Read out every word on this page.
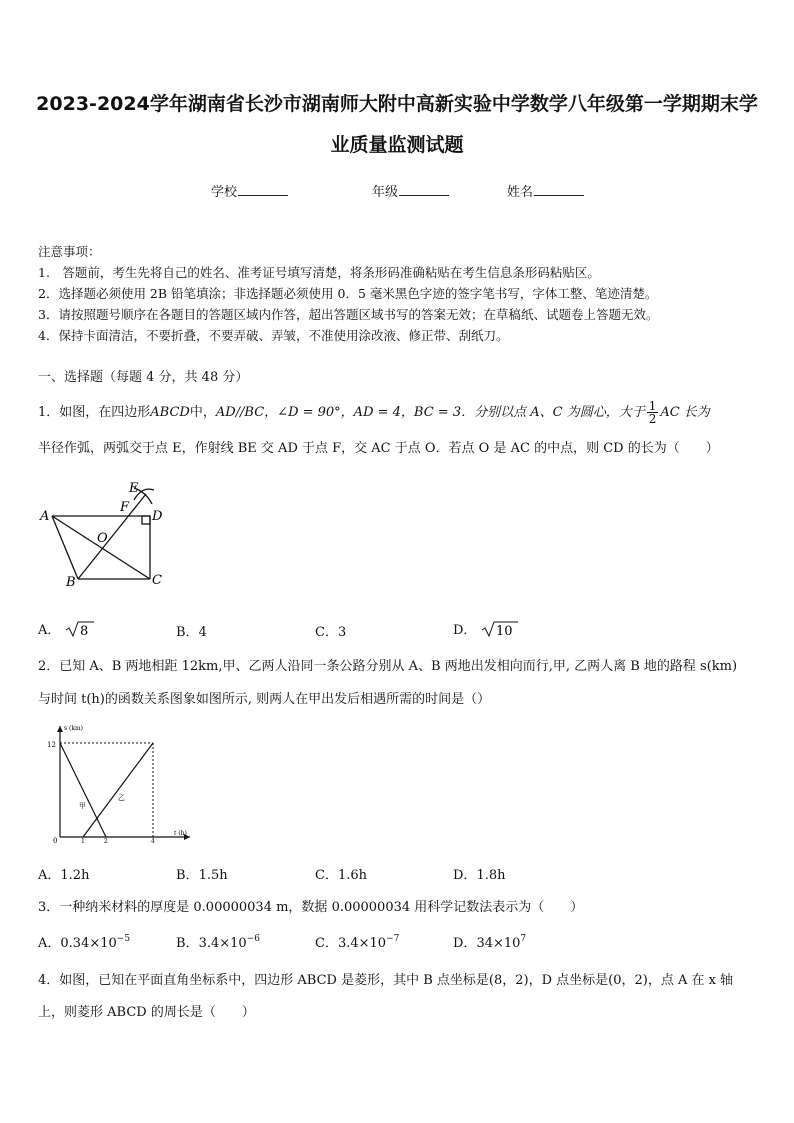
2023-2024学年湖南省长沙市湖南师大附中高新实验中学数学八年级第一学期期末学
业质量监测试题
学校	年级	姓名
注意事项：
1.　答题前，考生先将自己的姓名、准考证号填写清楚，将条形码准确粘贴在考生信息条形码粘贴区。
2．选择题必须使用 2B 铅笔填涂；非选择题必须使用 0．5 毫米黑色字迹的签字笔书写，字体工整、笔迹清楚。
3．请按照题号顺序在各题目的答题区域内作答，超出答题区域书写的答案无效；在草稿纸、试题卷上答题无效。
4．保持卡面清洁，不要折叠，不要弄破、弄皱，不准使用涂改液、修正带、刮纸刀。
一、选择题（每题 4 分，共 48 分）
1．如图，在四边形ABCD中，AD//BC，∠D = 90°，AD = 4，BC = 3．分别以点 A、C 为圆心，大于 $\frac{1}{2}$ AC 长为
半径作弧，两弧交于点 E，作射线 BE 交 AD 于点 F，交 AC 于点 O．若点 O 是 AC 的中点，则 CD 的长为（　　）
A
B	C
D
E
F
O
A． 8	B．4	C．3	D． 10
2．已知 A、B 两地相距 12km,甲、乙两人沿同一条公路分别从 A、B 两地出发相向而行,甲, 乙两人离 B 地的路程 s(km)
与时间 t(h)的函数关系图象如图所示, 则两人在甲出发后相遇所需的时间是（）
s (km)
t (h)
12
0	1	2	4
甲
乙
A．1.2h	B．1.5h	C．1.6h	D．1.8h
3．一种纳米材料的厚度是 0.00000034 m，数据 0.00000034 用科学记数法表示为（　　）
A．$0.34\times 10^{-5}$	B．$3.4\times 10^{-6}$	C．$3.4\times 10^{-7}$	D．$34\times 10^7$
4．如图，已知在平面直角坐标系中，四边形 ABCD 是菱形，其中 B 点坐标是(8，2)，D 点坐标是(0，2)，点 A 在 x 轴
上，则菱形 ABCD 的周长是（　　）
